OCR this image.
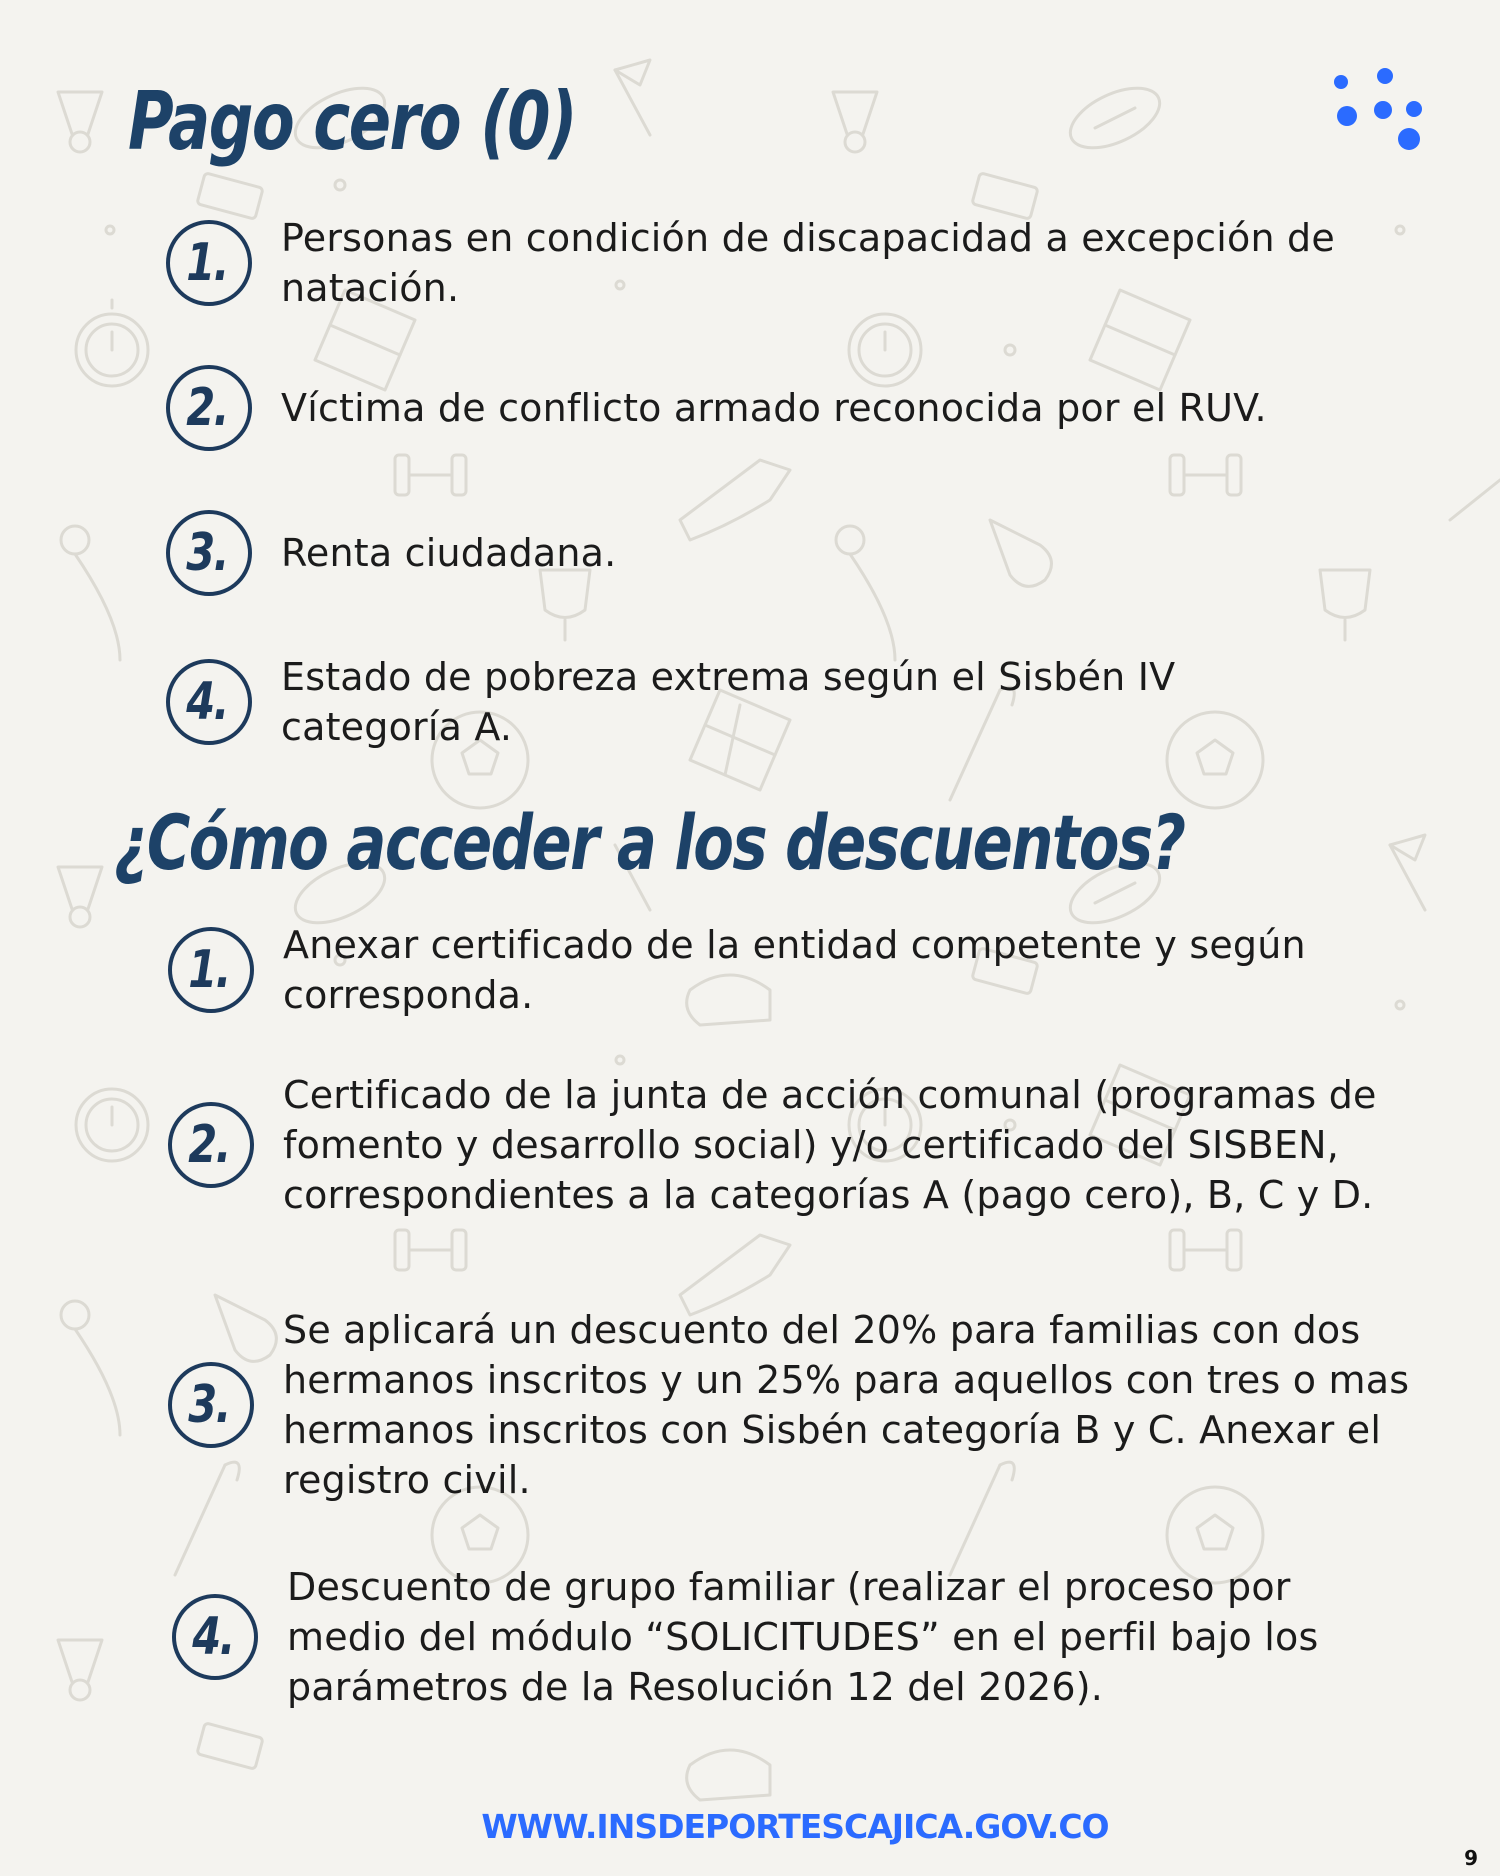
Pago cero (0)
1. Personas en condición de discapacidad a excepción de natación.

2. Víctima de conflicto armado reconocida por el RUV.

3. Renta ciudadana.

4. Estado de pobreza extrema según el Sisbén IV categoría A.

¿Cómo acceder a los descuentos?
1. Anexar certificado de la entidad competente y según corresponda.

2.

Certificado de la junta de acción comunal (programas de fomento y desarrollo social) y/o certificado del SISBEN, correspondientes a la categorías A (pago cero), B, C y D.

3.

Se aplicará un descuento del 20% para familias con dos hermanos inscritos y un 25% para aquellos con tres o mas hermanos inscritos con Sisbén categoría B y C. Anexar el registro civil.

4.

Descuento de grupo familiar (realizar el proceso por medio del módulo “SOLICITUDES” en el perfil bajo los parámetros de la Resolución 12 del 2026).

WWW.INSDEPORTESCAJICA.GOV.CO
9
